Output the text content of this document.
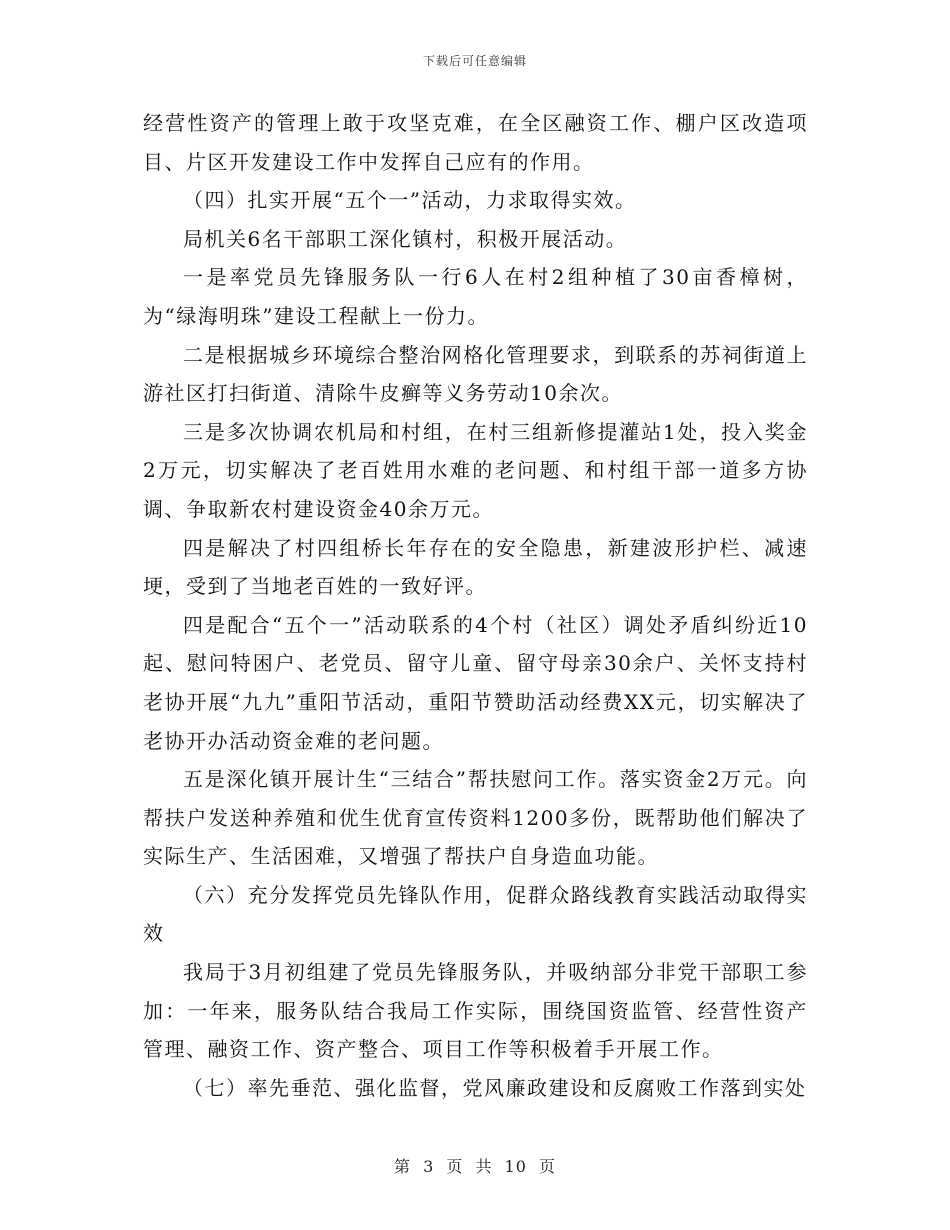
下载后可任意编辑

经营性资产的管理上敢于攻坚克难，在全区融资工作、棚户区改造项目、片区开发建设工作中发挥自己应有的作用。

（四）扎实开展“五个一”活动，力求取得实效。

局机关6名干部职工深化镇村，积极开展活动。

一是率党员先锋服务队一行6人在村2组种植了30亩香樟树，为“绿海明珠”建设工程献上一份力。

二是根据城乡环境综合整治网格化管理要求，到联系的苏祠街道上游社区打扫街道、清除牛皮癣等义务劳动10余次。

三是多次协调农机局和村组，在村三组新修提灌站1处，投入奖金2万元，切实解决了老百姓用水难的老问题、和村组干部一道多方协调、争取新农村建设资金40余万元。

四是解决了村四组桥长年存在的安全隐患，新建波形护栏、减速埂，受到了当地老百姓的一致好评。

四是配合“五个一”活动联系的4个村（社区）调处矛盾纠纷近10起、慰问特困户、老党员、留守儿童、留守母亲30余户、关怀支持村老协开展“九九”重阳节活动，重阳节赞助活动经费XX元，切实解决了老协开办活动资金难的老问题。

五是深化镇开展计生“三结合”帮扶慰问工作。落实资金2万元。向帮扶户发送种养殖和优生优育宣传资料1200多份，既帮助他们解决了实际生产、生活困难，又增强了帮扶户自身造血功能。

（六）充分发挥党员先锋队作用，促群众路线教育实践活动取得实效

我局于3月初组建了党员先锋服务队，并吸纳部分非党干部职工参加：一年来，服务队结合我局工作实际，围绕国资监管、经营性资产管理、融资工作、资产整合、项目工作等积极着手开展工作。

（七）率先垂范、强化监督，党风廉政建设和反腐败工作落到实处

第 3 页 共 10 页
